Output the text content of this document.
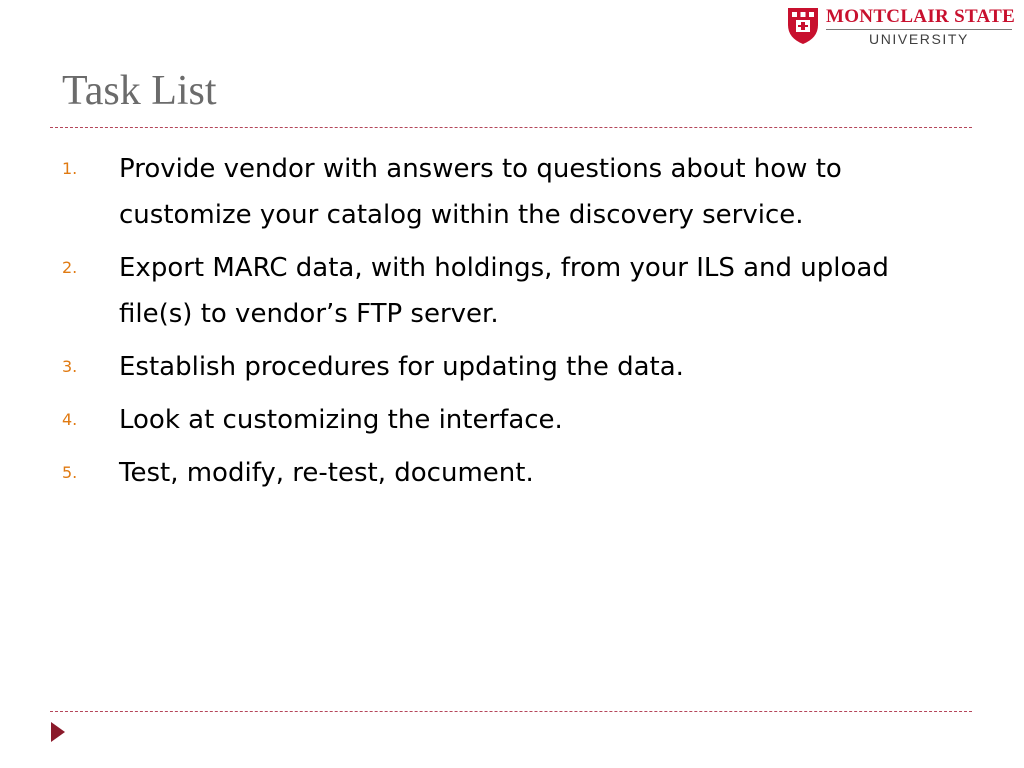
MONTCLAIR STATE
UNIVERSITY
Task List
1. Provide vendor with answers to questions about how to customize your catalog within the discovery service.
2. Export MARC data, with holdings, from your ILS and upload file(s) to vendor’s FTP server.
3. Establish procedures for updating the data.
4. Look at customizing the interface.
5. Test, modify, re-test, document.
